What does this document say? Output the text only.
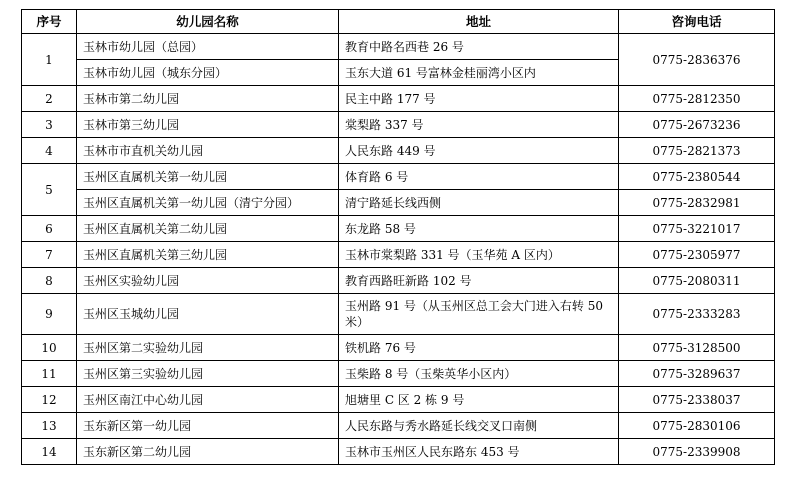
序号	幼儿园名称	地址	咨询电话
1	玉林市幼儿园（总园）	教育中路名西巷 26 号	0775-2836376
	玉林市幼儿园（城东分园）	玉东大道 61 号富林金桂丽湾小区内	
2	玉林市第二幼儿园	民主中路 177 号	0775-2812350
3	玉林市第三幼儿园	棠梨路 337 号	0775-2673236
4	玉林市市直机关幼儿园	人民东路 449 号	0775-2821373
5	玉州区直属机关第一幼儿园	体育路 6 号	0775-2380544
	玉州区直属机关第一幼儿园（清宁分园）	清宁路延长线西侧	0775-2832981
6	玉州区直属机关第二幼儿园	东龙路 58 号	0775-3221017
7	玉州区直属机关第三幼儿园	玉林市棠梨路 331 号（玉华苑 A 区内）	0775-2305977
8	玉州区实验幼儿园	教育西路旺新路 102 号	0775-2080311
9	玉州区玉城幼儿园	玉州路 91 号（从玉州区总工会大门进入右转 50 米）	0775-2333283
10	玉州区第二实验幼儿园	铁机路 76 号	0775-3128500
11	玉州区第三实验幼儿园	玉柴路 8 号（玉柴英华小区内）	0775-3289637
12	玉州区南江中心幼儿园	旭塘里 C 区 2 栋 9 号	0775-2338037
13	玉东新区第一幼儿园	人民东路与秀水路延长线交叉口南侧	0775-2830106
14	玉东新区第二幼儿园	玉林市玉州区人民东路东 453 号	0775-2339908
